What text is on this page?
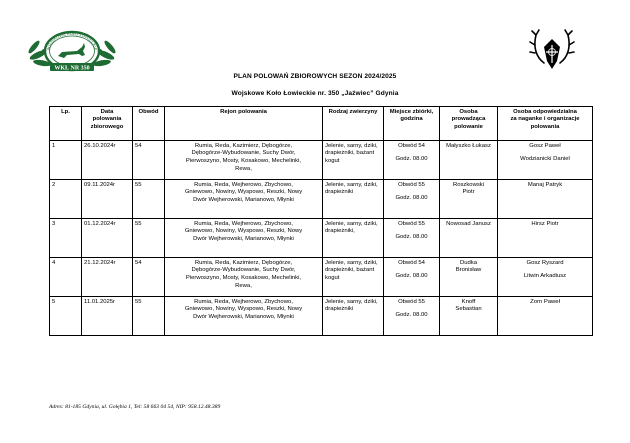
WOJSKOWE KOŁO ŁOWIECKIE
WKŁ NR 350
PLAN POLOWAŃ ZBIOROWYCH SEZON 2024/2025
Wojskowe Koło Łowieckie nr. 350 „Jaźwiec” Gdynia
Lp.	Data
polowania
zbiorowego	Obwód	Rejon polowania	Rodzaj zwierzyny	Miejsce zbiórki,
godzina	Osoba
prowadząca
polowanie	Osoba odpowiedzialna
za naganke i organizacje
polowania

1	26.10.2024r	54	Rumia, Reda, Kazimierz, Dębogórze,
Dębogórze-Wybudowanie, Suchy Dwór,
Pierwoszyno, Mosty, Kosakowo, Mechelinki,
Rewa,	Jelenie, sarny, dziki,
drapieżniki, bażant
kogut	Obwód 54
Godz. 08.00	Małyszko Łukasz	Gosz Paweł
Wodzianicki Daniel

2	09.11.2024r	55	Rumia, Reda, Wejherowo, Zbychowo,
Gniewowo, Nowiny, Wyspowo, Reszki, Nowy
Dwór Wejherowski, Marianowo, Młynki	Jelenie, sarny, dziki,
drapieżniki	Obwód 55
Godz. 08.00	Roszkowski
Piotr	Manaj Patryk

3	01.12.2024r	55	Rumia, Reda, Wejherowo, Zbychowo,
Gniewowo, Nowiny, Wyspowo, Reszki, Nowy
Dwór Wejherowski, Marianowo, Młynki	Jelenie, sarny, dziki,
drapieżniki,	Obwód 55
Godz. 08.00	Nowosad Janusz	Hirsz Piotr

4	21.12.2024r	54	Rumia, Reda, Kazimierz, Dębogórze,
Dębogórze-Wybudowanie, Suchy Dwór,
Pierwoszyno, Mosty, Kosakowo, Mechelinki,
Rewa,	Jelenie, sarny, dziki,
drapieżniki, bażant
kogut	Obwód 54
Godz. 08.00	Dudka
Bronisław	Gosz Ryszard
Litwin Arkadiusz

5	11.01.2025r	55	Rumia, Reda, Wejherowo, Zbychowo,
Gniewowo, Nowiny, Wyspowo, Reszki, Nowy
Dwór Wejherowski, Marianowo, Młynki	Jelenie, sarny, dziki,
drapieżniki	Obwód 55
Godz. 08.00	Knoff
Sebastian	Zorn Paweł
Adres: 81-185 Gdynia, ul. Gołębia 1, Tel: 58 663 04 54, NIP: 958.12.48.389
